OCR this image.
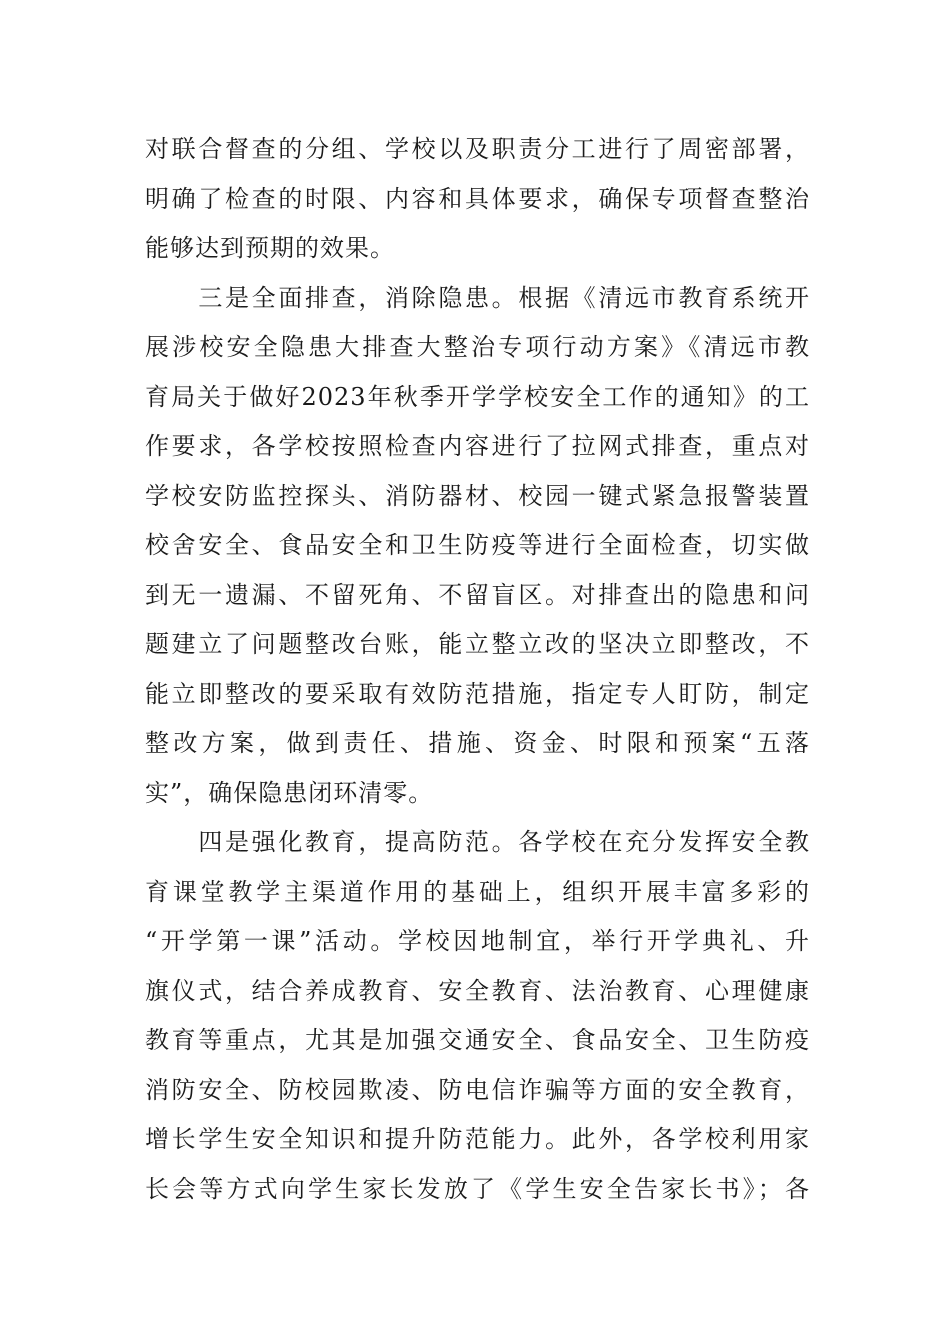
对联合督查的分组、学校以及职责分工进行了周密部署，
明确了检查的时限、内容和具体要求，确保专项督查整治
能够达到预期的效果。
　　三是全面排查，消除隐患。根据《清远市教育系统开
展涉校安全隐患大排查大整治专项行动方案》《清远市教
育局关于做好2023年秋季开学学校安全工作的通知》的工
作要求，各学校按照检查内容进行了拉网式排查，重点对
学校安防监控探头、消防器材、校园一键式紧急报警装置
校舍安全、食品安全和卫生防疫等进行全面检查，切实做
到无一遗漏、不留死角、不留盲区。对排查出的隐患和问
题建立了问题整改台账，能立整立改的坚决立即整改，不
能立即整改的要采取有效防范措施，指定专人盯防，制定
整改方案，做到责任、措施、资金、时限和预案“五落
实”，确保隐患闭环清零。
　　四是强化教育，提高防范。各学校在充分发挥安全教
育课堂教学主渠道作用的基础上，组织开展丰富多彩的
“开学第一课”活动。学校因地制宜，举行开学典礼、升
旗仪式，结合养成教育、安全教育、法治教育、心理健康
教育等重点，尤其是加强交通安全、食品安全、卫生防疫
消防安全、防校园欺凌、防电信诈骗等方面的安全教育，
增长学生安全知识和提升防范能力。此外，各学校利用家
长会等方式向学生家长发放了《学生安全告家长书》；各
